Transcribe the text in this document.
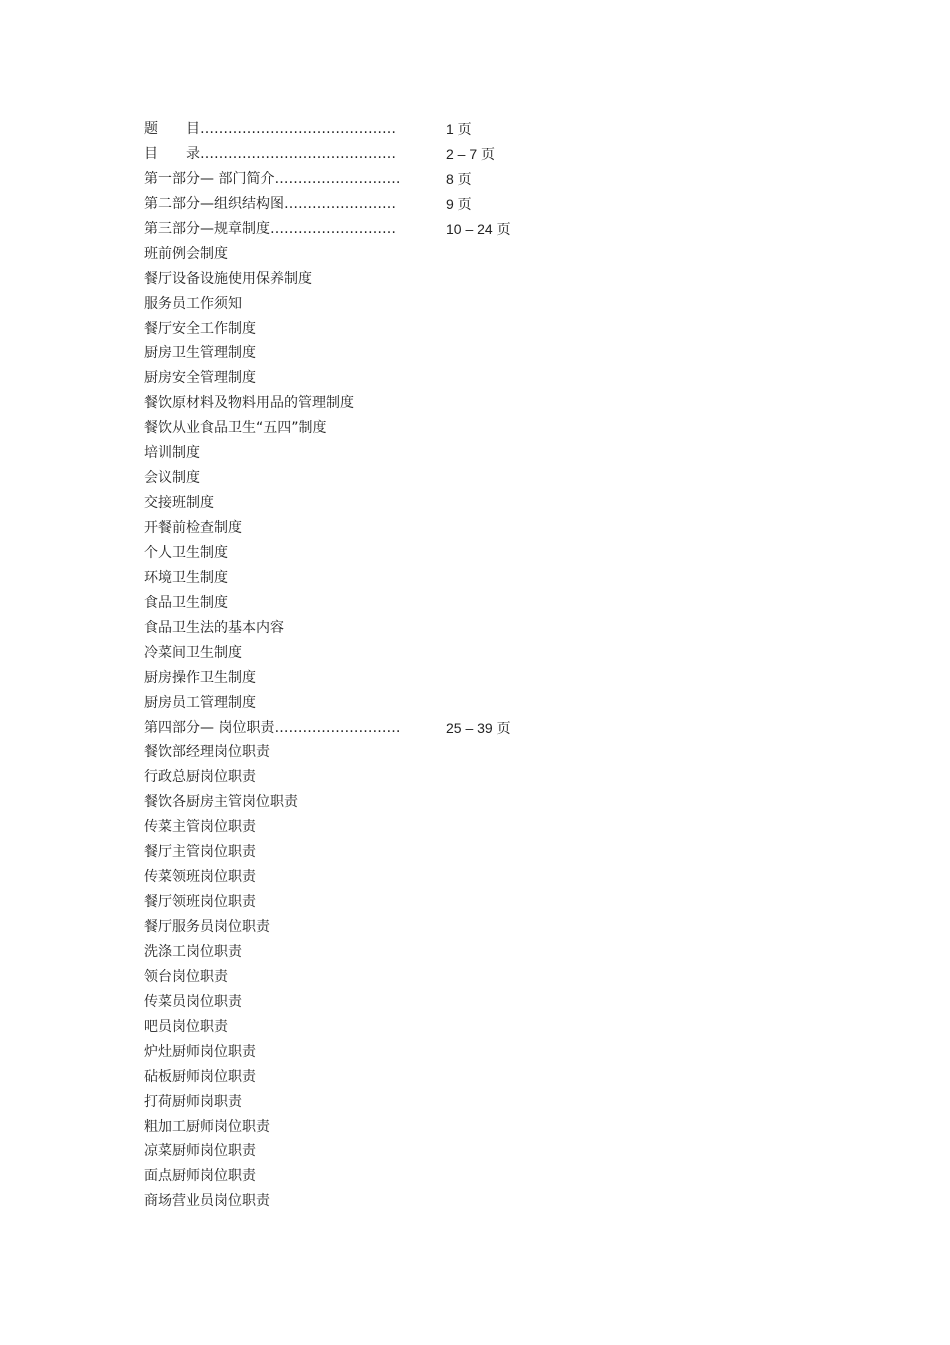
题　　目……………………………………	1 页
目　　录……………………………………	2 – 7 页
第一部分— 部门简介………………………	8 页
第二部分—组织结构图……………………	9 页
第三部分—规章制度………………………	10 – 24 页
班前例会制度
餐厅设备设施使用保养制度
服务员工作须知
餐厅安全工作制度
厨房卫生管理制度
厨房安全管理制度
餐饮原材料及物料用品的管理制度
餐饮从业食品卫生“五四”制度
培训制度
会议制度
交接班制度
开餐前检查制度
个人卫生制度
环境卫生制度
食品卫生制度
食品卫生法的基本内容
冷菜间卫生制度
厨房操作卫生制度
厨房员工管理制度
第四部分— 岗位职责………………………	25 – 39 页
餐饮部经理岗位职责
行政总厨岗位职责
餐饮各厨房主管岗位职责
传菜主管岗位职责
餐厅主管岗位职责
传菜领班岗位职责
餐厅领班岗位职责
餐厅服务员岗位职责
洗涤工岗位职责
领台岗位职责
传菜员岗位职责
吧员岗位职责
炉灶厨师岗位职责
砧板厨师岗位职责
打荷厨师岗职责
粗加工厨师岗位职责
凉菜厨师岗位职责
面点厨师岗位职责
商场营业员岗位职责
